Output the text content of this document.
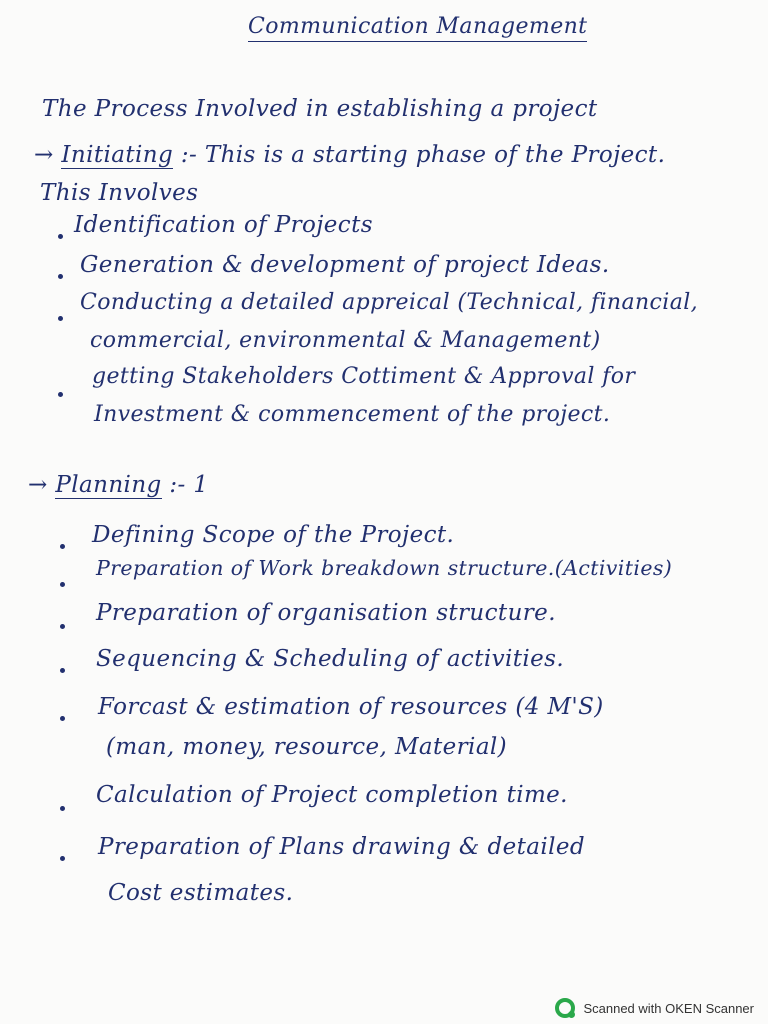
Communication Management
The Process Involved in establishing a project
→ Initiating :- This is a starting phase of the Project.
This Involves
Identification of Projects
Generation & development of project Ideas.
Conducting a detailed appreical (Technical, financial,
commercial, environmental & Management)
getting Stakeholders Cottiment & Approval for
Investment & commencement of the project.
→ Planning :- 1
Defining Scope of the Project.
Preparation of Work breakdown structure.(Activities)
Preparation of organisation structure.
Sequencing & Scheduling of activities.
Forcast & estimation of resources (4 M'S)
(man, money, resource, Material)
Calculation of Project completion time.
Preparation of Plans drawing & detailed
Cost estimates.
Scanned with OKEN Scanner
